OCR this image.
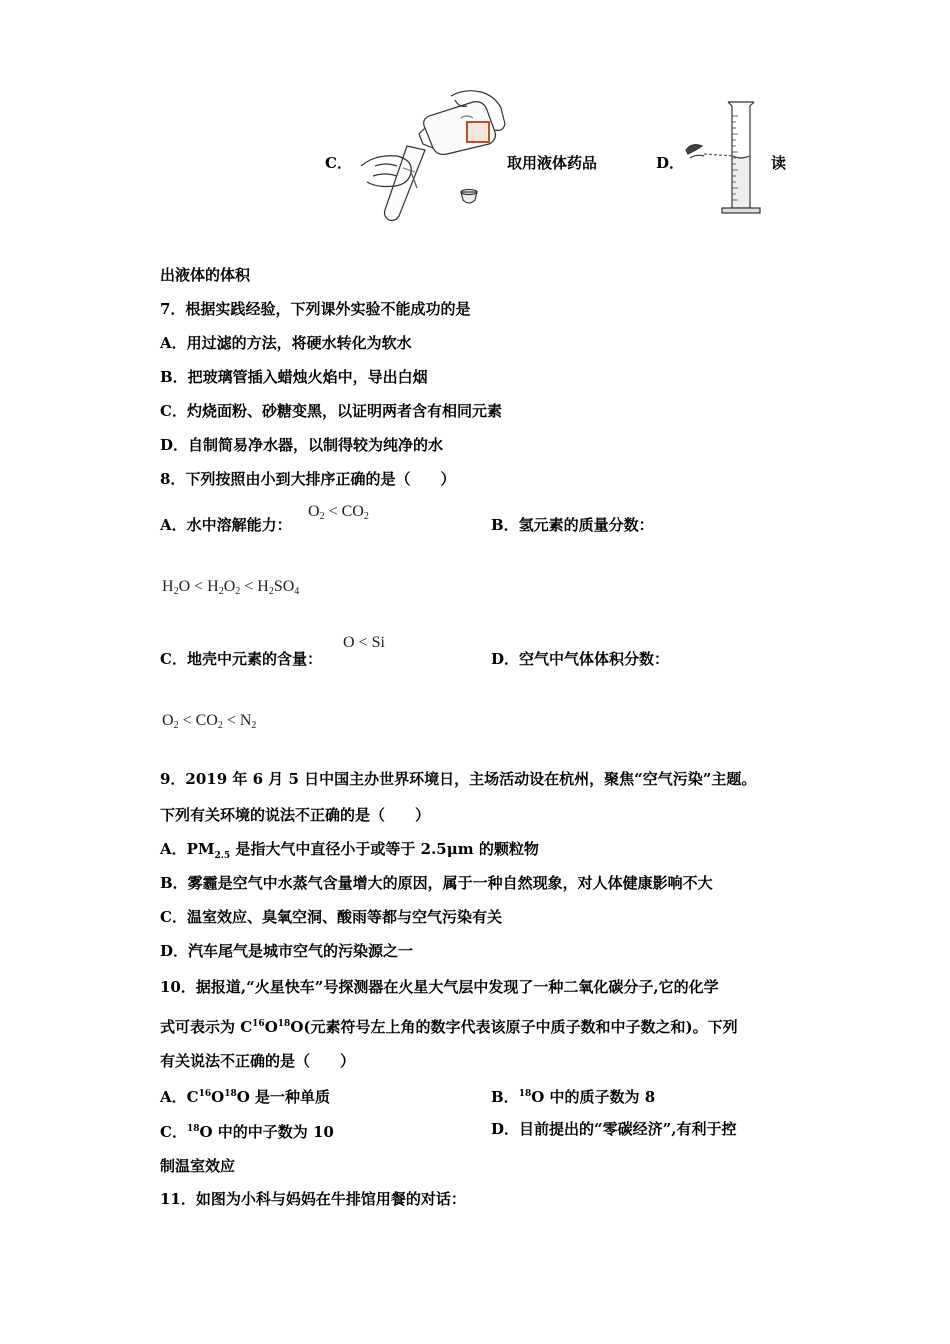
C．	取用液体药品	D．	读
出液体的体积
7．根据实践经验，下列课外实验不能成功的是
A．用过滤的方法，将硬水转化为软水
B．把玻璃管插入蜡烛火焰中，导出白烟
C．灼烧面粉、砂糖变黑，以证明两者含有相同元素
D．自制简易净水器，以制得较为纯净的水
8．下列按照由小到大排序正确的是（　　）
A．水中溶解能力：
$O_2 < CO_2$	B．氢元素的质量分数：
$H_2O < H_2O_2 < H_2SO_4$
C．地壳中元素的含量：
O < Si
D．空气中气体体积分数：
$O_2 < CO_2 < N_2$
9．2019 年 6 月 5 日中国主办世界环境日，主场活动设在杭州，聚焦“空气污染”主题。
下列有关环境的说法不正确的是（　　）
A．$PM_{2.5}$ 是指大气中直径小于或等于 2.5μm 的颗粒物
B．雾霾是空气中水蒸气含量增大的原因，属于一种自然现象，对人体健康影响不大
C．温室效应、臭氧空洞、酸雨等都与空气污染有关
D．汽车尾气是城市空气的污染源之一
10．据报道,“火星快车”号探测器在火星大气层中发现了一种二氧化碳分子,它的化学
式可表示为 $C^{16}O^{18}O$(元素符号左上角的数字代表该原子中质子数和中子数之和)。下列
有关说法不正确的是（　　）
A．$C^{16}O^{18}O$ 是一种单质	B．$^{18}$O 中的质子数为 8
C．$^{18}$O 中的中子数为 10	D．目前提出的“零碳经济”,有利于控
制温室效应
11．如图为小科与妈妈在牛排馆用餐的对话：
